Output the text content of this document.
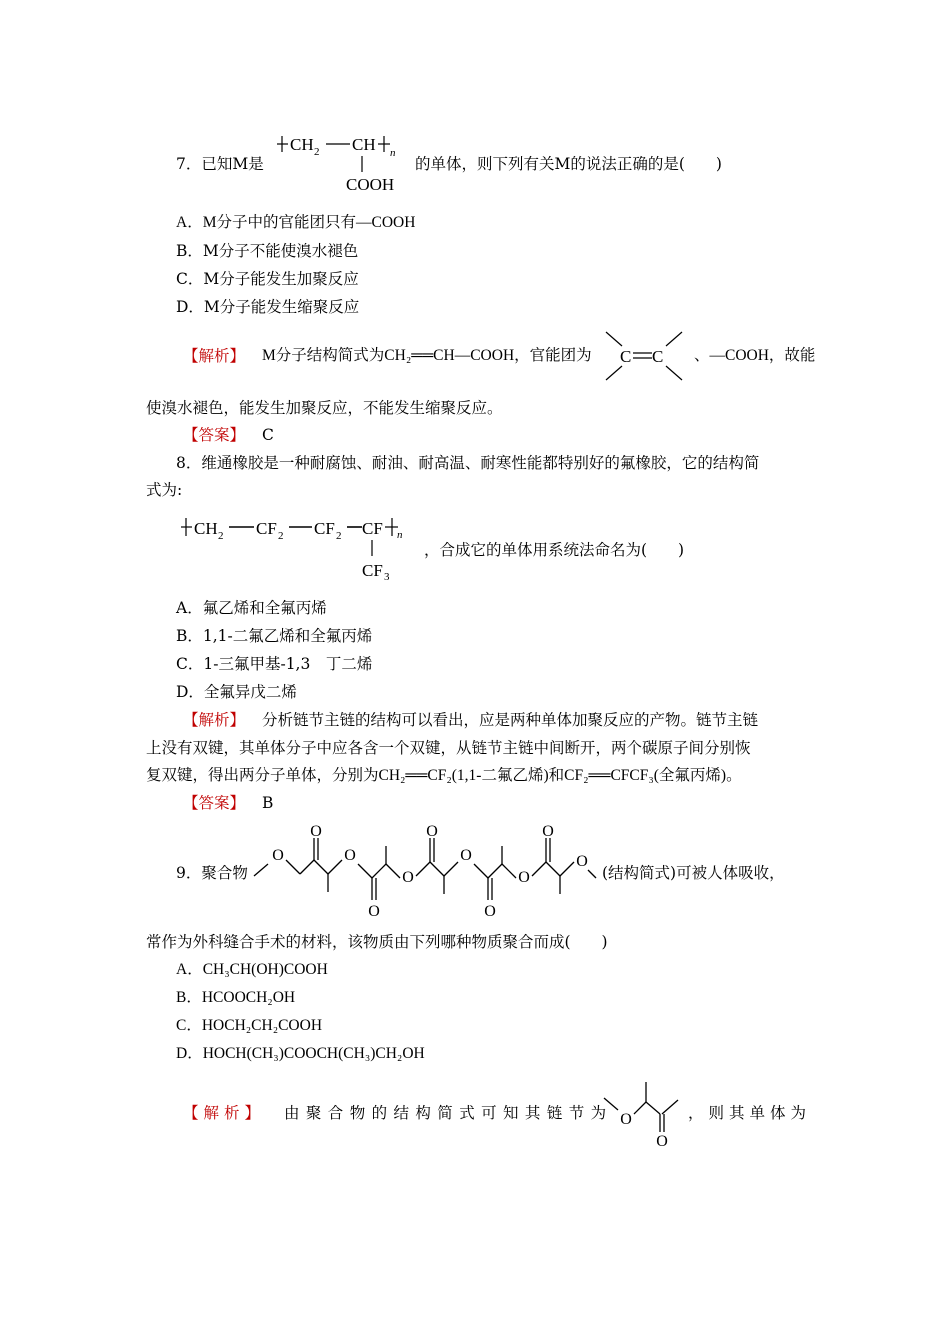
7．已知M是
CH 2 CH n
COOH
的单体，则下列有关M的说法正确的是(　　)
A．M分子中的官能团只有—COOH
B．M分子不能使溴水褪色
C．M分子能发生加聚反应
D．M分子能发生缩聚反应
【解析】 M分子结构简式为CH₂══CH—COOH，官能团为 C C 、—COOH，故能
使溴水褪色，能发生加聚反应，不能发生缩聚反应。
【答案】 C
8．维通橡胶是一种耐腐蚀、耐油、耐高温、耐寒性能都特别好的氟橡胶，它的结构简
式为:
CH 2 CF 2 CF 2 CF n
CF 3
，合成它的单体用系统法命名为(　　)
A．氟乙烯和全氟丙烯
B．1,1-二氟乙烯和全氟丙烯
C．1-三氟甲基-1,3　丁二烯
D．全氟异戊二烯
【解析】 分析链节主链的结构可以看出，应是两种单体加聚反应的产物。链节主链
上没有双键，其单体分子中应各含一个双键，从链节主链中间断开，两个碳原子间分别恢
复双键，得出两分子单体，分别为CH₂══CF₂(1,1-二氟乙烯)和CF₂══CFCF₃(全氟丙烯)。
【答案】 B
9．聚合物
O
O
O
O
O
O
O
O
O
O
O
(结构简式)可被人体吸收，
常作为外科缝合手术的材料，该物质由下列哪种物质聚合而成(　　)
A．CH₃CH(OH)COOH
B．HCOOCH₂OH
C．HOCH₂CH₂COOH
D．HOCH(CH₃)COOCH(CH₃)CH₂OH
【解析】 由聚合物的结构简式可知其链节为 O
O
，则其单体为
